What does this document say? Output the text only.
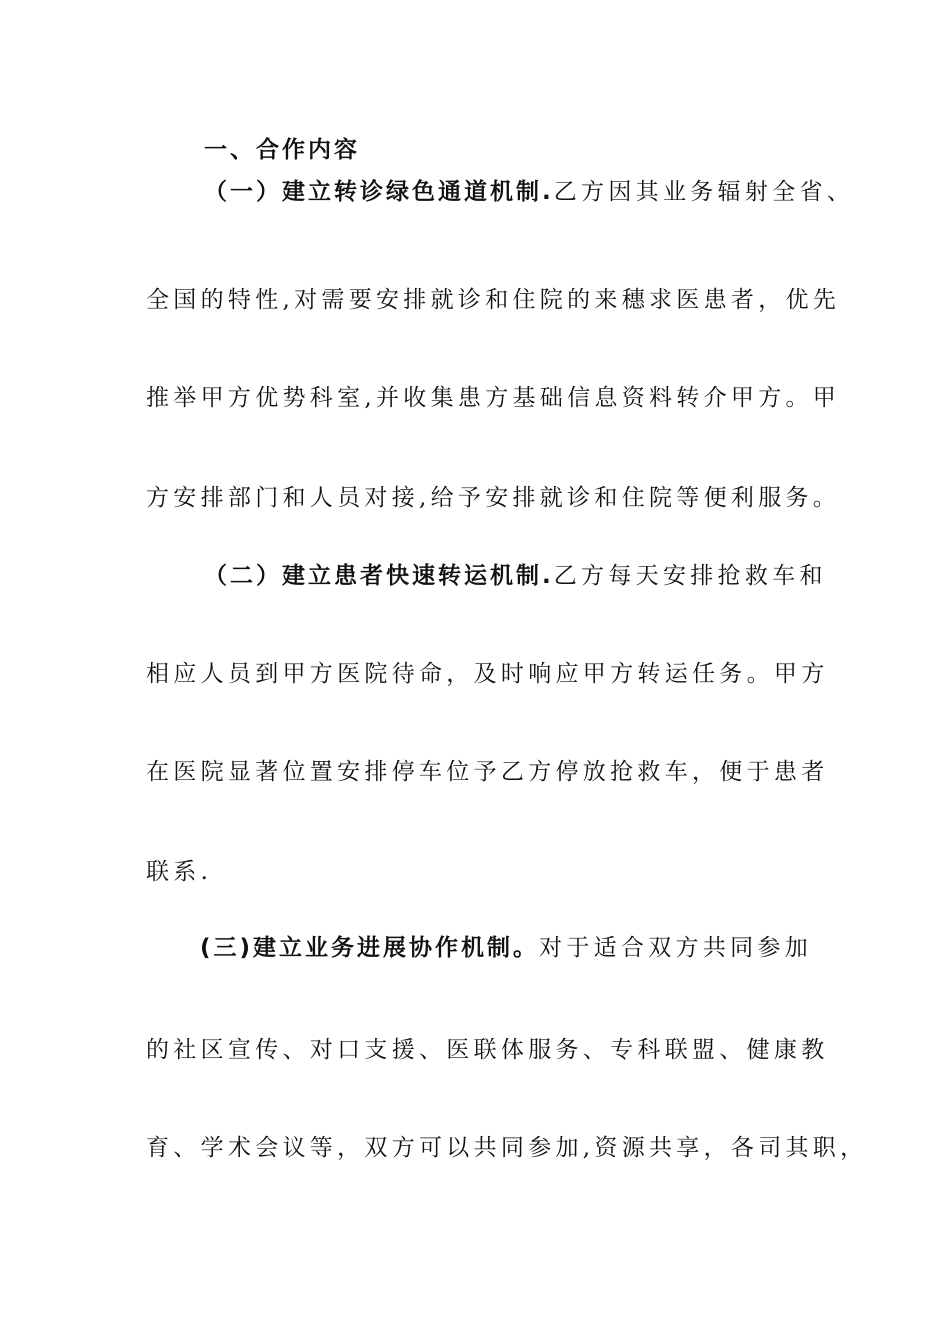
一、合作内容
（一）建立转诊绿色通道机制.乙方因其业务辐射全省、
全国的特性,对需要安排就诊和住院的来穗求医患者，优先
推举甲方优势科室,并收集患方基础信息资料转介甲方。甲
方安排部门和人员对接,给予安排就诊和住院等便利服务。
（二）建立患者快速转运机制.乙方每天安排抢救车和
相应人员到甲方医院待命，及时响应甲方转运任务。甲方
在医院显著位置安排停车位予乙方停放抢救车，便于患者
联系.
(三)建立业务进展协作机制。对于适合双方共同参加
的社区宣传、对口支援、医联体服务、专科联盟、健康教
育、学术会议等，双方可以共同参加,资源共享，各司其职，
